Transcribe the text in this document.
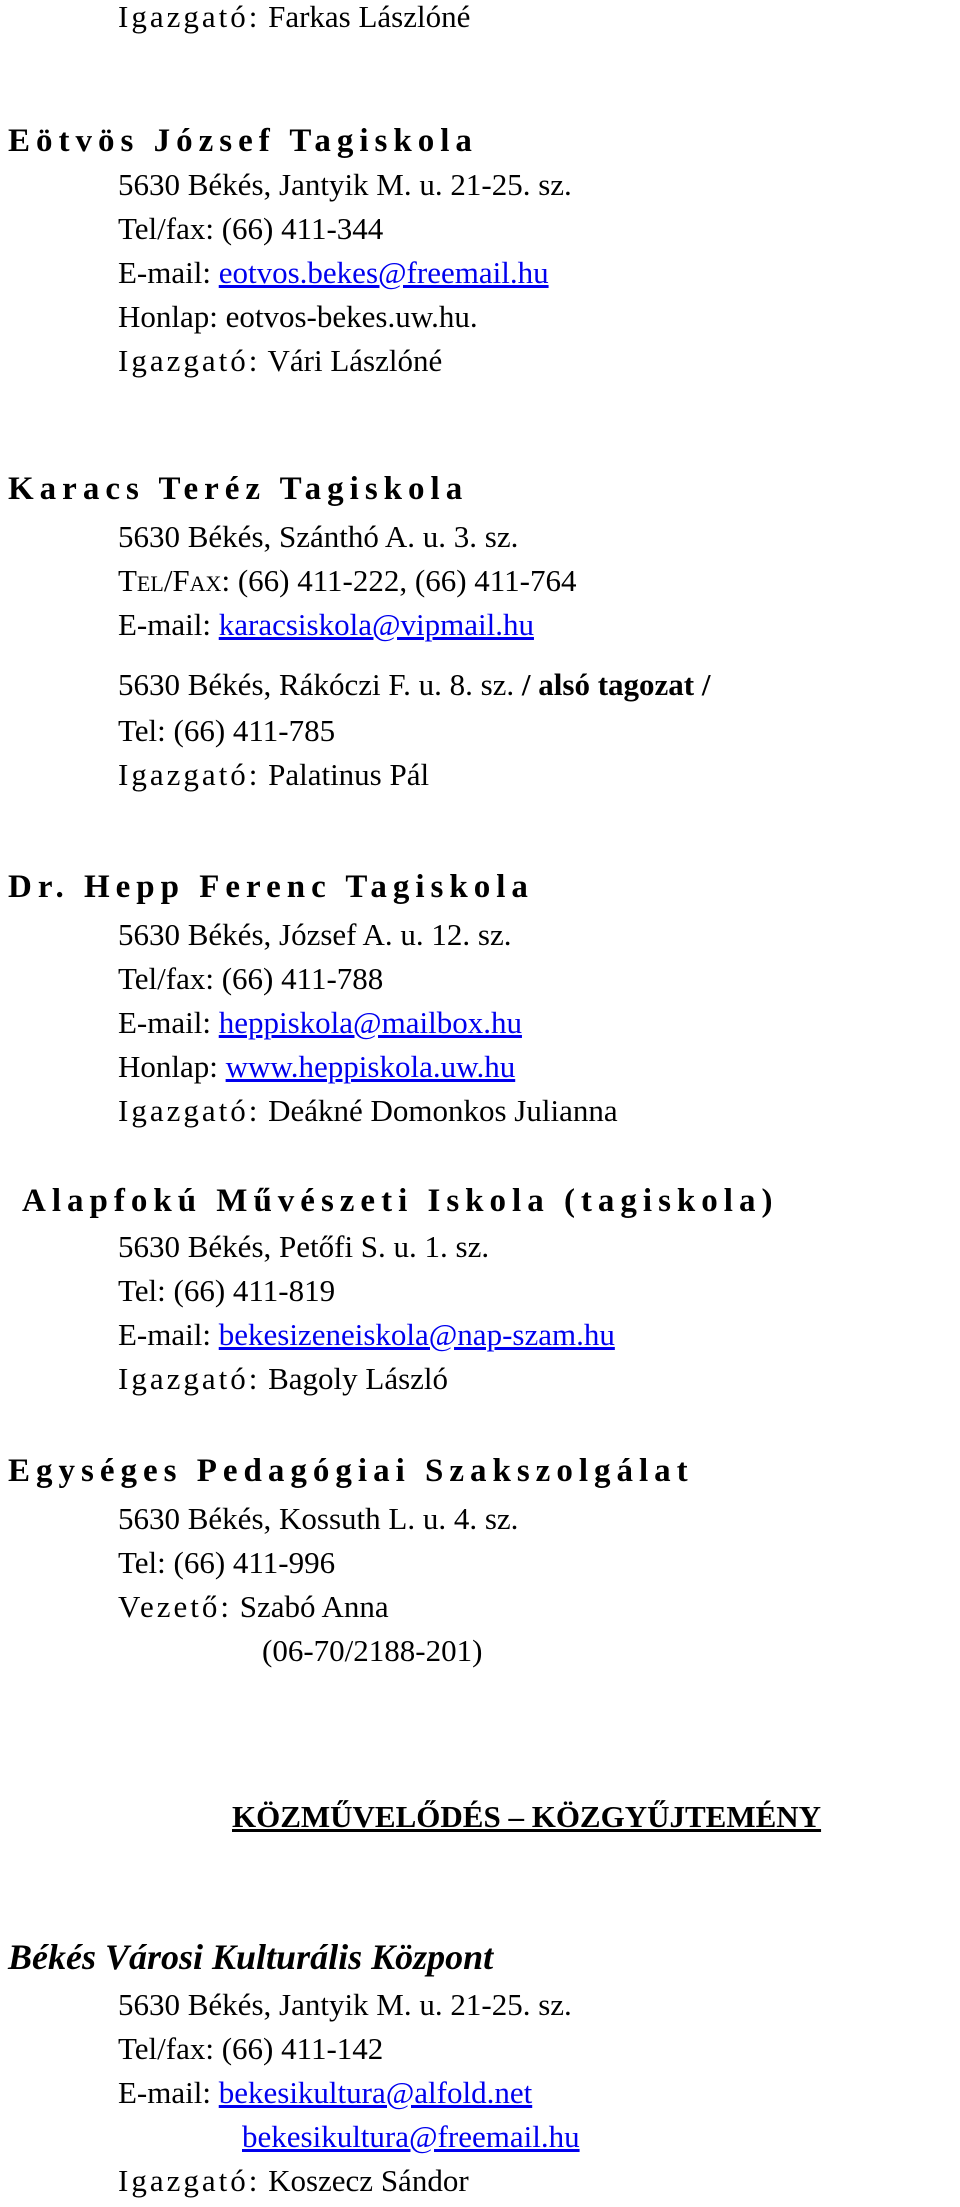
Igazgató: Farkas Lászlóné
Eötvös József Tagiskola
5630 Békés, Jantyik M. u. 21-25. sz.
Tel/fax: (66) 411-344
E-mail: eotvos.bekes@freemail.hu
Honlap: eotvos-bekes.uw.hu.
Igazgató: Vári Lászlóné
Karacs Teréz Tagiskola
5630 Békés, Szánthó A. u. 3. sz.
Tel/Fax: (66) 411-222, (66) 411-764
E-mail: karacsiskola@vipmail.hu
5630 Békés, Rákóczi F. u. 8. sz. / alsó tagozat /
Tel: (66) 411-785
Igazgató: Palatinus Pál
Dr. Hepp Ferenc Tagiskola
5630 Békés, József A. u. 12. sz.
Tel/fax: (66) 411-788
E-mail: heppiskola@mailbox.hu
Honlap: www.heppiskola.uw.hu
Igazgató: Deákné Domonkos Julianna
Alapfokú Művészeti Iskola (tagiskola)
5630 Békés, Petőfi S. u. 1. sz.
Tel: (66) 411-819
E-mail: bekesizeneiskola@nap-szam.hu
Igazgató: Bagoly László
Egységes Pedagógiai Szakszolgálat
5630 Békés, Kossuth L. u. 4. sz.
Tel: (66) 411-996
Vezető: Szabó Anna
(06-70/2188-201)
KÖZMŰVELŐDÉS – KÖZGYŰJTEMÉNY
Békés Városi Kulturális Központ
5630 Békés, Jantyik M. u. 21-25. sz.
Tel/fax: (66) 411-142
E-mail: bekesikultura@alfold.net
bekesikultura@freemail.hu
Igazgató: Koszecz Sándor
